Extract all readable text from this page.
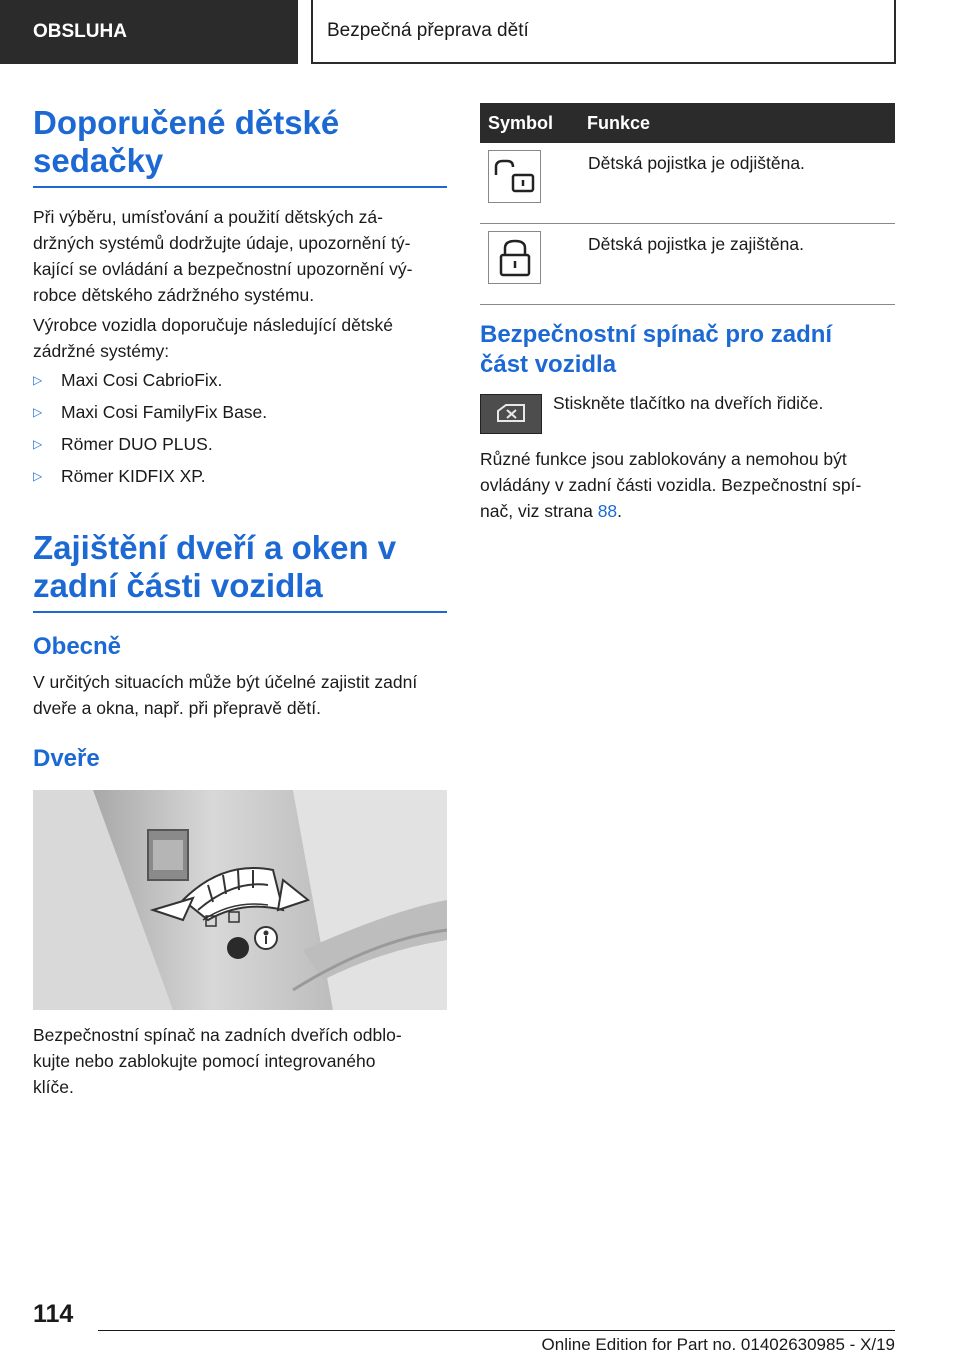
OBSLUHA	Bezpečná přeprava dětí
Doporučené dětské
sedačky

Při výběru, umísťování a použití dětských zá-
držných systémů dodržujte údaje, upozornění tý-
kající se ovládání a bezpečnostní upozornění vý-
robce dětského zádržného systému.

Výrobce vozidla doporučuje následující dětské
zádržné systémy:

▷	Maxi Cosi CabrioFix.
▷	Maxi Cosi FamilyFix Base.
▷	Römer DUO PLUS.
▷	Römer KIDFIX XP.
Zajištění dveří a oken v
zadní části vozidla
Obecně

V určitých situacích může být účelné zajistit zadní
dveře a okna, např. při přepravě dětí.

Dveře

Bezpečnostní spínač na zadních dveřích odblo-
kujte nebo zablokujte pomocí integrovaného
klíče.

Symbol	Funkce

	Dětská pojistka je odjištěna.

	Dětská pojistka je zajištěna.
Bezpečnostní spínač pro zadní
část vozidla

Stiskněte tlačítko na dveřích řidiče.

Různé funkce jsou zablokovány a nemohou být
ovládány v zadní části vozidla. Bezpečnostní spí-
nač, viz strana 88.

114
Online Edition for Part no. 01402630985 - X/19
